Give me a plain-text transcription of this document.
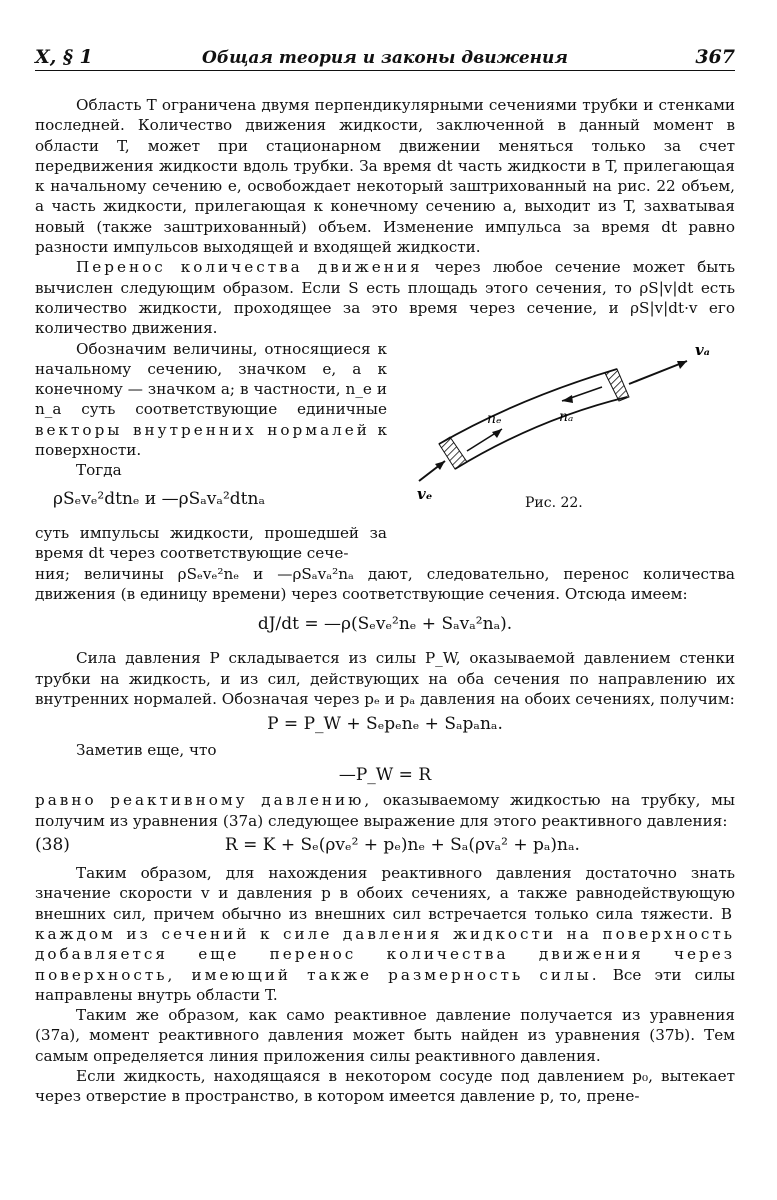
X, § 1	Общая теория и законы движения	367

Область T ограничена двумя перпендикулярными сечениями трубки и стенками последней. Количество движения жидкости, заключенной в данный момент в области T, может при стационарном движении меняться только за счет передвижения жидкости вдоль трубки. За время dt часть жидкости в T, прилегающая к начальному сечению e, освобождает некоторый заштрихованный на рис. 22 объем, а часть жидкости, прилегающая к конечному сечению a, выходит из T, захватывая новый (также заштрихованный) объем. Изменение импульса за время dt равно разности импульсов выходящей и входящей жидкости.

Перенос количества движения через любое сечение может быть вычислен следующим образом. Если S есть площадь этого сечения, то ρS|v|dt есть количество жидкости, проходящее за это время через сечение, и ρS|v|dt·v его количество движения.

Обозначим величины, относящиеся к начальному сечению, значком e, а к конечному — значком a; в частности, n_e и n_a суть соответствующие единичные векторы внутренних нормалей к поверхности.

Тогда

ρSₑvₑ²dtnₑ и —ρSₐvₐ²dtnₐ

суть импульсы жидкости, прошедшей за время dt через соответствующие сече-

vₑ
nₑ	nₐ
vₐ
Рис. 22.

ния; величины ρSₑvₑ²nₑ и —ρSₐvₐ²nₐ дают, следовательно, перенос количества движения (в единицу времени) через соответствующие сечения. Отсюда имеем:

dJ/dt = —ρ(Sₑvₑ²nₑ + Sₐvₐ²nₐ).

Сила давления P складывается из силы P_W, оказываемой давлением стенки трубки на жидкость, и из сил, действующих на оба сечения по направлению их внутренних нормалей. Обозначая через pₑ и pₐ давления на обоих сечениях, получим:

P = P_W + Sₑpₑnₑ + Sₐpₐnₐ.

Заметив еще, что

—P_W = R

равно реактивному давлению, оказываемому жидкостью на трубку, мы получим из уравнения (37а) следующее выражение для этого реактивного давления:

(38)	R = K + Sₑ(ρvₑ² + pₑ)nₑ + Sₐ(ρvₐ² + pₐ)nₐ.

Таким образом, для нахождения реактивного давления достаточно знать значение скорости v и давления p в обоих сечениях, а также равнодействующую внешних сил, причем обычно из внешних сил встречается только сила тяжести. В каждом из сечений к силе давления жидкости на поверхность добавляется еще перенос количества движения через поверхность, имеющий также размерность силы. Все эти силы направлены внутрь области T.

Таким же образом, как само реактивное давление получается из уравнения (37а), момент реактивного давления может быть найден из уравнения (37b). Тем самым определяется линия приложения силы реактивного давления.

Если жидкость, находящаяся в некотором сосуде под давлением p₀, вытекает через отверстие в пространство, в котором имеется давление p, то, прене-
